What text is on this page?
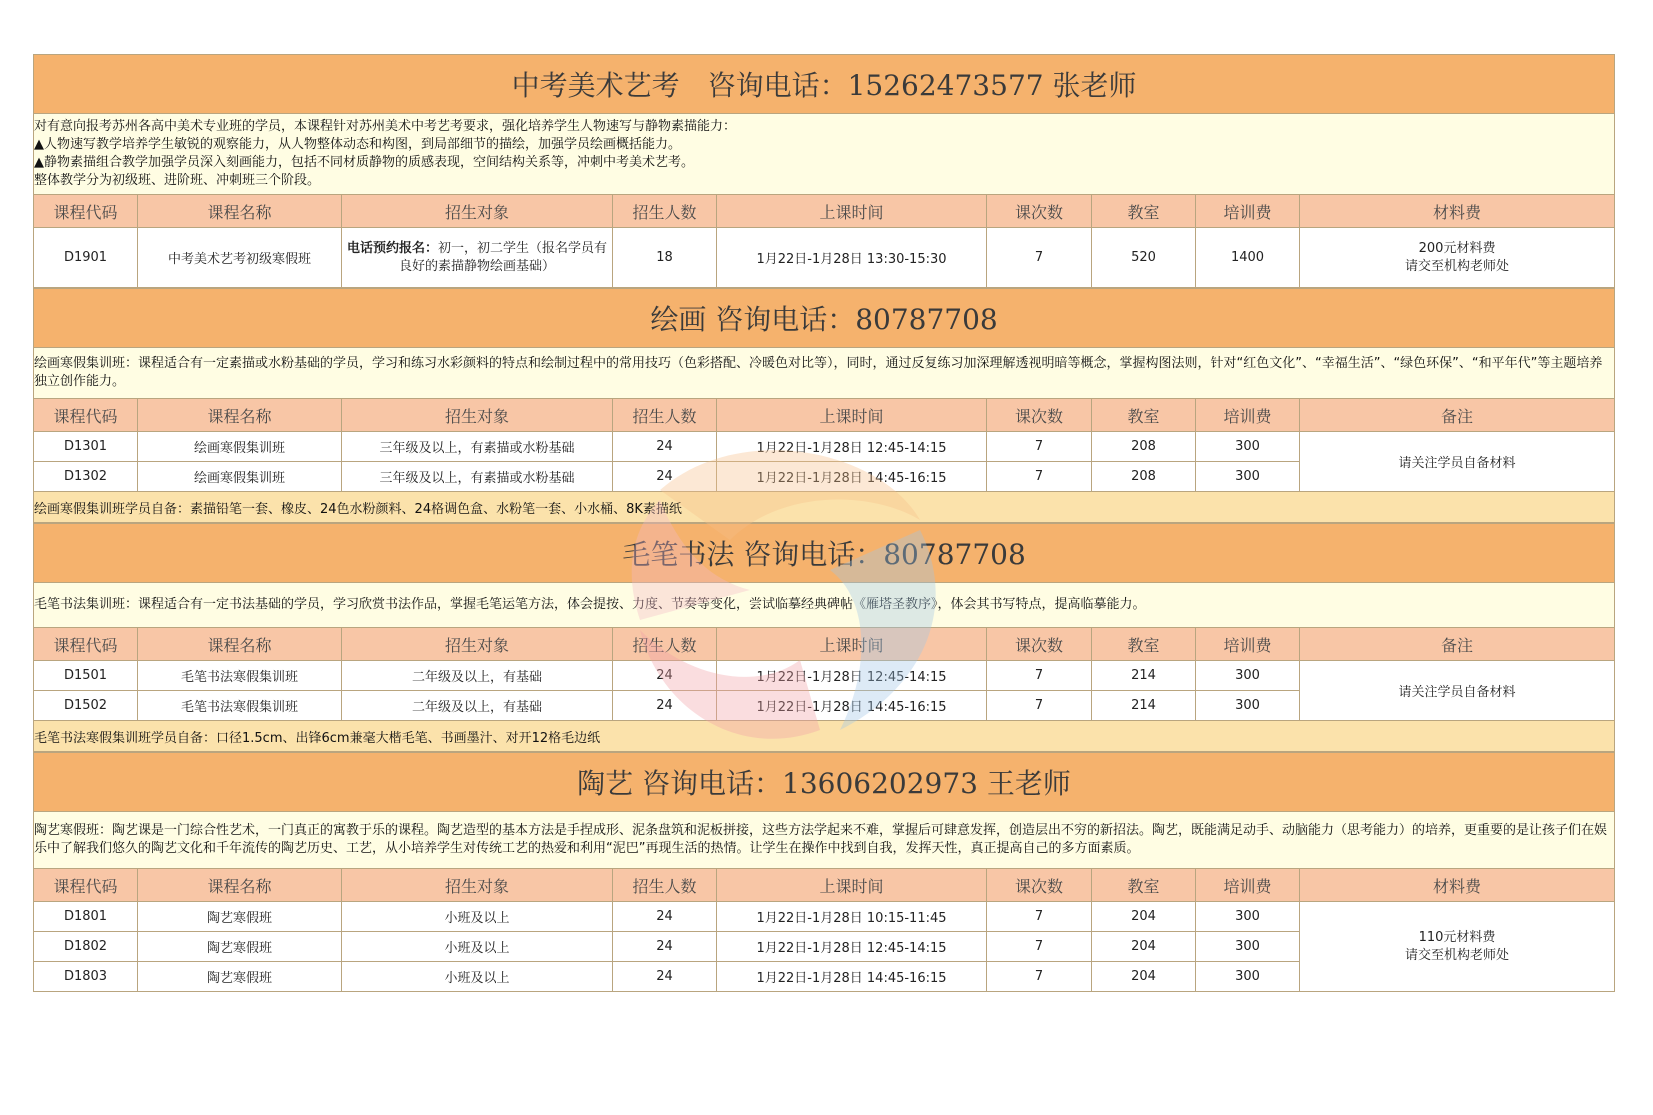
中考美术艺考　咨询电话：15262473577 张老师								

对有意向报考苏州各高中美术专业班的学员，本课程针对苏州美术中考艺考要求，强化培养学生人物速写与静物素描能力：
▲人物速写教学培养学生敏锐的观察能力，从人物整体动态和构图，到局部细节的描绘，加强学员绘画概括能力。
▲静物素描组合教学加强学员深入刻画能力，包括不同材质静物的质感表现，空间结构关系等，冲刺中考美术艺考。
整体教学分为初级班、进阶班、冲刺班三个阶段。								

课程代码	课程名称	招生对象	招生人数	上课时间	课次数	教室	培训费	材料费
D1901	中考美术艺考初级寒假班	电话预约报名：初一，初二学生（报名学员有良好的素描静物绘画基础）	18	1月22日-1月28日 13:30-15:30	7	520	1400	200元材料费
请交至机构老师处
绘画 咨询电话：80787708								
绘画寒假集训班：课程适合有一定素描或水粉基础的学员，学习和练习水彩颜料的特点和绘制过程中的常用技巧（色彩搭配、冷暖色对比等），同时，通过反复练习加深理解透视明暗等概念，掌握构图法则，针对“红色文化”、“幸福生活”、“绿色环保”、“和平年代”等主题培养独立创作能力。								
课程代码	课程名称	招生对象	招生人数	上课时间	课次数	教室	培训费	备注
D1301	绘画寒假集训班	三年级及以上，有素描或水粉基础	24	1月22日-1月28日 12:45-14:15	7	208	300	请关注学员自备材料
D1302	绘画寒假集训班	三年级及以上，有素描或水粉基础	24	1月22日-1月28日 14:45-16:15	7	208	300	
绘画寒假集训班学员自备：素描铅笔一套、橡皮、24色水粉颜料、24格调色盒、水粉笔一套、小水桶、8K素描纸								
毛笔书法 咨询电话：80787708								
毛笔书法集训班：课程适合有一定书法基础的学员，学习欣赏书法作品，掌握毛笔运笔方法，体会提按、力度、节奏等变化，尝试临摹经典碑帖《雁塔圣教序》，体会其书写特点，提高临摹能力。								
课程代码	课程名称	招生对象	招生人数	上课时间	课次数	教室	培训费	备注
D1501	毛笔书法寒假集训班	二年级及以上，有基础	24	1月22日-1月28日 12:45-14:15	7	214	300	请关注学员自备材料
D1502	毛笔书法寒假集训班	二年级及以上，有基础	24	1月22日-1月28日 14:45-16:15	7	214	300	
毛笔书法寒假集训班学员自备：口径1.5cm、出锋6cm兼毫大楷毛笔、书画墨汁、对开12格毛边纸								
陶艺 咨询电话：13606202973 王老师								
陶艺寒假班：陶艺课是一门综合性艺术，一门真正的寓教于乐的课程。陶艺造型的基本方法是手捏成形、泥条盘筑和泥板拼接，这些方法学起来不难，掌握后可肆意发挥，创造层出不穷的新招法。陶艺，既能满足动手、动脑能力（思考能力）的培养，更重要的是让孩子们在娱乐中了解我们悠久的陶艺文化和千年流传的陶艺历史、工艺，从小培养学生对传统工艺的热爱和利用“泥巴”再现生活的热情。让学生在操作中找到自我，发挥天性，真正提高自己的多方面素质。								
课程代码	课程名称	招生对象	招生人数	上课时间	课次数	教室	培训费	材料费
D1801	陶艺寒假班	小班及以上	24	1月22日-1月28日 10:15-11:45	7	204	300	110元材料费
请交至机构老师处

D1802	陶艺寒假班	小班及以上	24	1月22日-1月28日 12:45-14:15	7	204	300	
D1803	陶艺寒假班	小班及以上	24	1月22日-1月28日 14:45-16:15	7	204	300	
